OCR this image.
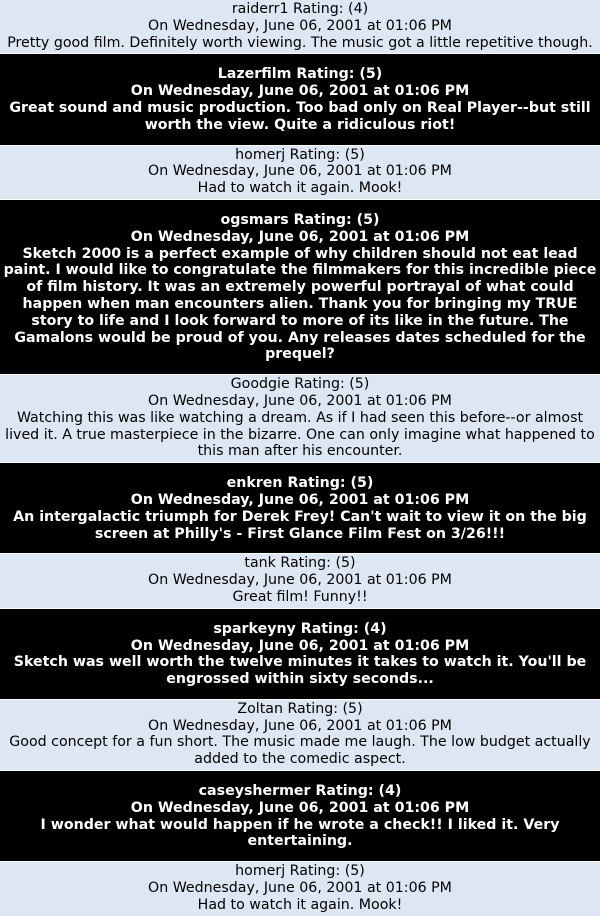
raiderr1 Rating: (4)
On Wednesday, June 06, 2001 at 01:06 PM
Pretty good film. Definitely worth viewing. The music got a little repetitive though.
Lazerfilm Rating: (5)
On Wednesday, June 06, 2001 at 01:06 PM
Great sound and music production. Too bad only on Real Player--but still worth the view. Quite a ridiculous riot!
homerj Rating: (5)
On Wednesday, June 06, 2001 at 01:06 PM
Had to watch it again. Mook!
ogsmars Rating: (5)
On Wednesday, June 06, 2001 at 01:06 PM
Sketch 2000 is a perfect example of why children should not eat lead paint. I would like to congratulate the filmmakers for this incredible piece of film history. It was an extremely powerful portrayal of what could happen when man encounters alien. Thank you for bringing my TRUE story to life and I look forward to more of its like in the future. The Gamalons would be proud of you. Any releases dates scheduled for the prequel?
Goodgie Rating: (5)
On Wednesday, June 06, 2001 at 01:06 PM
Watching this was like watching a dream. As if I had seen this before--or almost lived it. A true masterpiece in the bizarre. One can only imagine what happened to this man after his encounter.
enkren Rating: (5)
On Wednesday, June 06, 2001 at 01:06 PM
An intergalactic triumph for Derek Frey! Can't wait to view it on the big screen at Philly's - First Glance Film Fest on 3/26!!!
tank Rating: (5)
On Wednesday, June 06, 2001 at 01:06 PM
Great film! Funny!!
sparkeyny Rating: (4)
On Wednesday, June 06, 2001 at 01:06 PM
Sketch was well worth the twelve minutes it takes to watch it. You'll be engrossed within sixty seconds...
Zoltan Rating: (5)
On Wednesday, June 06, 2001 at 01:06 PM
Good concept for a fun short. The music made me laugh. The low budget actually added to the comedic aspect.
caseyshermer Rating: (4)
On Wednesday, June 06, 2001 at 01:06 PM
I wonder what would happen if he wrote a check!! I liked it. Very entertaining.
homerj Rating: (5)
On Wednesday, June 06, 2001 at 01:06 PM
Had to watch it again. Mook!
